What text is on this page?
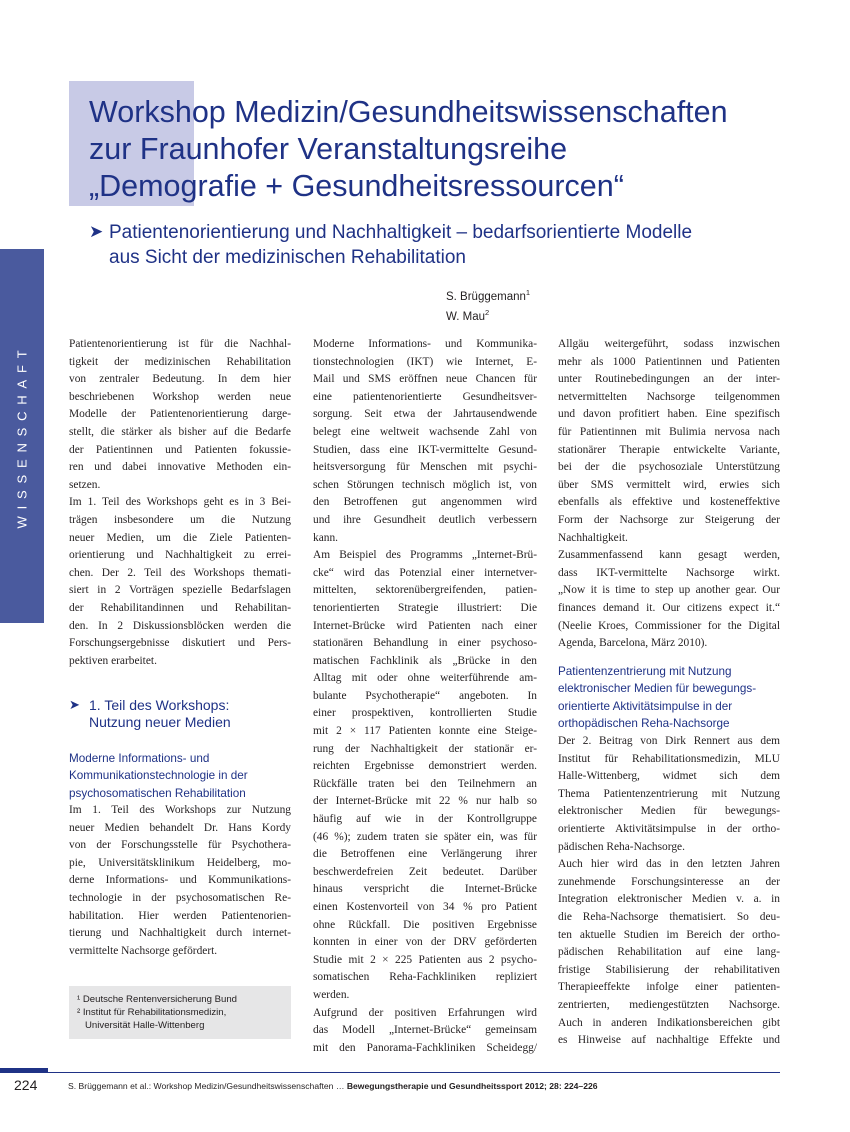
WISSENSCHAFT
Workshop Medizin/Gesundheitswissenschaften
zur Fraunhofer Veranstaltungsreihe
„Demografie + Gesundheitsressourcen“
➤ Patientenorientierung und Nachhaltigkeit – bedarfsorientierte Modelle
aus Sicht der medizinischen Rehabilitation
S. Brüggemann$^1$
W. Mau$^2$
Patientenorientierung ist für die Nachhal-
tigkeit der medizinischen Rehabilitation
von zentraler Bedeutung. In dem hier
beschriebenen Workshop werden neue
Modelle der Patientenorientierung darge-
stellt, die stärker als bisher auf die Bedarfe
der Patientinnen und Patienten fokussie-
ren und dabei innovative Methoden ein-
setzen.
Im 1. Teil des Workshops geht es in 3 Bei-
trägen insbesondere um die Nutzung
neuer Medien, um die Ziele Patienten-
orientierung und Nachhaltigkeit zu errei-
chen. Der 2. Teil des Workshops themati-
siert in 2 Vorträgen spezielle Bedarfslagen
der Rehabilitandinnen und Rehabilitan-
den. In 2 Diskussionsblöcken werden die
Forschungsergebnisse diskutiert und Pers-
pektiven erarbeitet.
➤ 1. Teil des Workshops:
Nutzung neuer Medien
Moderne Informations- und
Kommunikationstechnologie in der
psychosomatischen Rehabilitation
Im 1. Teil des Workshops zur Nutzung
neuer Medien behandelt Dr. Hans Kordy
von der Forschungsstelle für Psychothera-
pie, Universitätsklinikum Heidelberg, mo-
derne Informations- und Kommunikations-
technologie in der psychosomatischen Re-
habilitation. Hier werden Patientenorien-
tierung und Nachhaltigkeit durch internet-
vermittelte Nachsorge gefördert.
¹ Deutsche Rentenversicherung Bund
² Institut für Rehabilitationsmedizin,
Universität Halle-Wittenberg
Moderne Informations- und Kommunika-
tionstechnologien (IKT) wie Internet, E-
Mail und SMS eröffnen neue Chancen für
eine patientenorientierte Gesundheitsver-
sorgung. Seit etwa der Jahrtausendwende
belegt eine weltweit wachsende Zahl von
Studien, dass eine IKT-vermittelte Gesund-
heitsversorgung für Menschen mit psychi-
schen Störungen technisch möglich ist, von
den Betroffenen gut angenommen wird
und ihre Gesundheit deutlich verbessern
kann.
Am Beispiel des Programms „Internet-Brü-
cke“ wird das Potenzial einer internetver-
mittelten, sektorenübergreifenden, patien-
tenorientierten Strategie illustriert: Die
Internet-Brücke wird Patienten nach einer
stationären Behandlung in einer psychoso-
matischen Fachklinik als „Brücke in den
Alltag mit oder ohne weiterführende am-
bulante Psychotherapie“ angeboten. In
einer prospektiven, kontrollierten Studie
mit 2 × 117 Patienten konnte eine Steige-
rung der Nachhaltigkeit der stationär er-
reichten Ergebnisse demonstriert werden.
Rückfälle traten bei den Teilnehmern an
der Internet-Brücke mit 22 % nur halb so
häufig auf wie in der Kontrollgruppe
(46 %); zudem traten sie später ein, was für
die Betroffenen eine Verlängerung ihrer
beschwerdefreien Zeit bedeutet. Darüber
hinaus verspricht die Internet-Brücke
einen Kostenvorteil von 34 % pro Patient
ohne Rückfall. Die positiven Ergebnisse
konnten in einer von der DRV geförderten
Studie mit 2 × 225 Patienten aus 2 psycho-
somatischen Reha-Fachkliniken repliziert
werden.
Aufgrund der positiven Erfahrungen wird
das Modell „Internet-Brücke“ gemeinsam
mit den Panorama-Fachkliniken Scheidegg/
Allgäu weitergeführt, sodass inzwischen
mehr als 1000 Patientinnen und Patienten
unter Routinebedingungen an der inter-
netvermittelten Nachsorge teilgenommen
und davon profitiert haben. Eine spezifisch
für Patientinnen mit Bulimia nervosa nach
stationärer Therapie entwickelte Variante,
bei der die psychosoziale Unterstützung
über SMS vermittelt wird, erwies sich
ebenfalls als effektive und kosteneffektive
Form der Nachsorge zur Steigerung der
Nachhaltigkeit.
Zusammenfassend kann gesagt werden,
dass IKT-vermittelte Nachsorge wirkt.
„Now it is time to step up another gear. Our
finances demand it. Our citizens expect it.“
(Neelie Kroes, Commissioner for the Digital
Agenda, Barcelona, März 2010).
Patientenzentrierung mit Nutzung
elektronischer Medien für bewegungs-
orientierte Aktivitätsimpulse in der
orthopädischen Reha-Nachsorge
Der 2. Beitrag von Dirk Rennert aus dem
Institut für Rehabilitationsmedizin, MLU
Halle-Wittenberg, widmet sich dem
Thema Patientenzentrierung mit Nutzung
elektronischer Medien für bewegungs-
orientierte Aktivitätsimpulse in der ortho-
pädischen Reha-Nachsorge.
Auch hier wird das in den letzten Jahren
zunehmende Forschungsinteresse an der
Integration elektronischer Medien v. a. in
die Reha-Nachsorge thematisiert. So deu-
ten aktuelle Studien im Bereich der ortho-
pädischen Rehabilitation auf eine lang-
fristige Stabilisierung der rehabilitativen
Therapieeffekte infolge einer patienten-
zentrierten, mediengestützten Nachsorge.
Auch in anderen Indikationsbereichen gibt
es Hinweise auf nachhaltige Effekte und
224	S. Brüggemann et al.: Workshop Medizin/Gesundheitswissenschaften … Bewegungstherapie und Gesundheitssport 2012; 28: 224–226
